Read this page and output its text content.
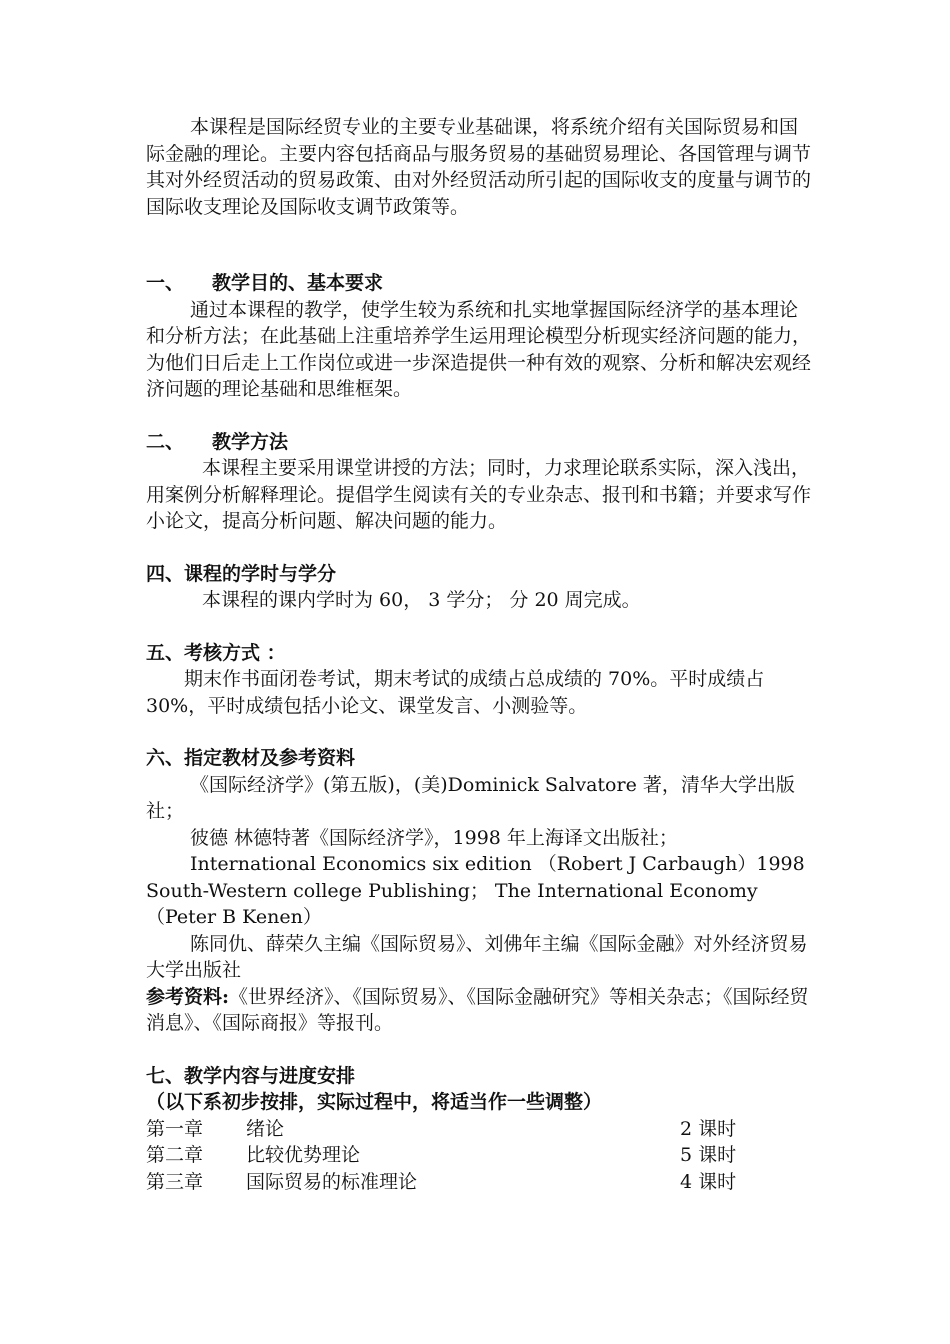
本课程是国际经贸专业的主要专业基础课，将系统介绍有关国际贸易和国际金融的理论。主要内容包括商品与服务贸易的基础贸易理论、各国管理与调节其对外经贸活动的贸易政策、由对外经贸活动所引起的国际收支的度量与调节的国际收支理论及国际收支调节政策等。

一、 教学目的、基本要求

通过本课程的教学，使学生较为系统和扎实地掌握国际经济学的基本理论和分析方法；在此基础上注重培养学生运用理论模型分析现实经济问题的能力，为他们日后走上工作岗位或进一步深造提供一种有效的观察、分析和解决宏观经济问题的理论基础和思维框架。

二、 教学方法

本课程主要采用课堂讲授的方法；同时，力求理论联系实际，深入浅出，用案例分析解释理论。提倡学生阅读有关的专业杂志、报刊和书籍；并要求写作小论文，提高分析问题、解决问题的能力。

四、课程的学时与学分

本课程的课内学时为 60， 3 学分； 分 20 周完成。

五、考核方式 ：

期末作书面闭卷考试，期末考试的成绩占总成绩的 70%。平时成绩占 30%，平时成绩包括小论文、课堂发言、小测验等。

六、指定教材及参考资料

《国际经济学》(第五版)，(美)Dominick Salvatore 著，清华大学出版社；

彼德 林德特著《国际经济学》，1998 年上海译文出版社；

International Economics six edition （Robert J Carbaugh）1998 South-Western college Publishing； The International Economy（Peter B Kenen）

陈同仇、薛荣久主编《国际贸易》、刘佛年主编《国际金融》对外经济贸易大学出版社

参考资料:《世界经济》、《国际贸易》、《国际金融研究》等相关杂志；《国际经贸消息》、《国际商报》等报刊。

七、教学内容与进度安排

（以下系初步按排，实际过程中，将适当作一些调整）

第一章	绪论	2 课时
第二章	比较优势理论	5 课时
第三章	国际贸易的标准理论	4 课时
